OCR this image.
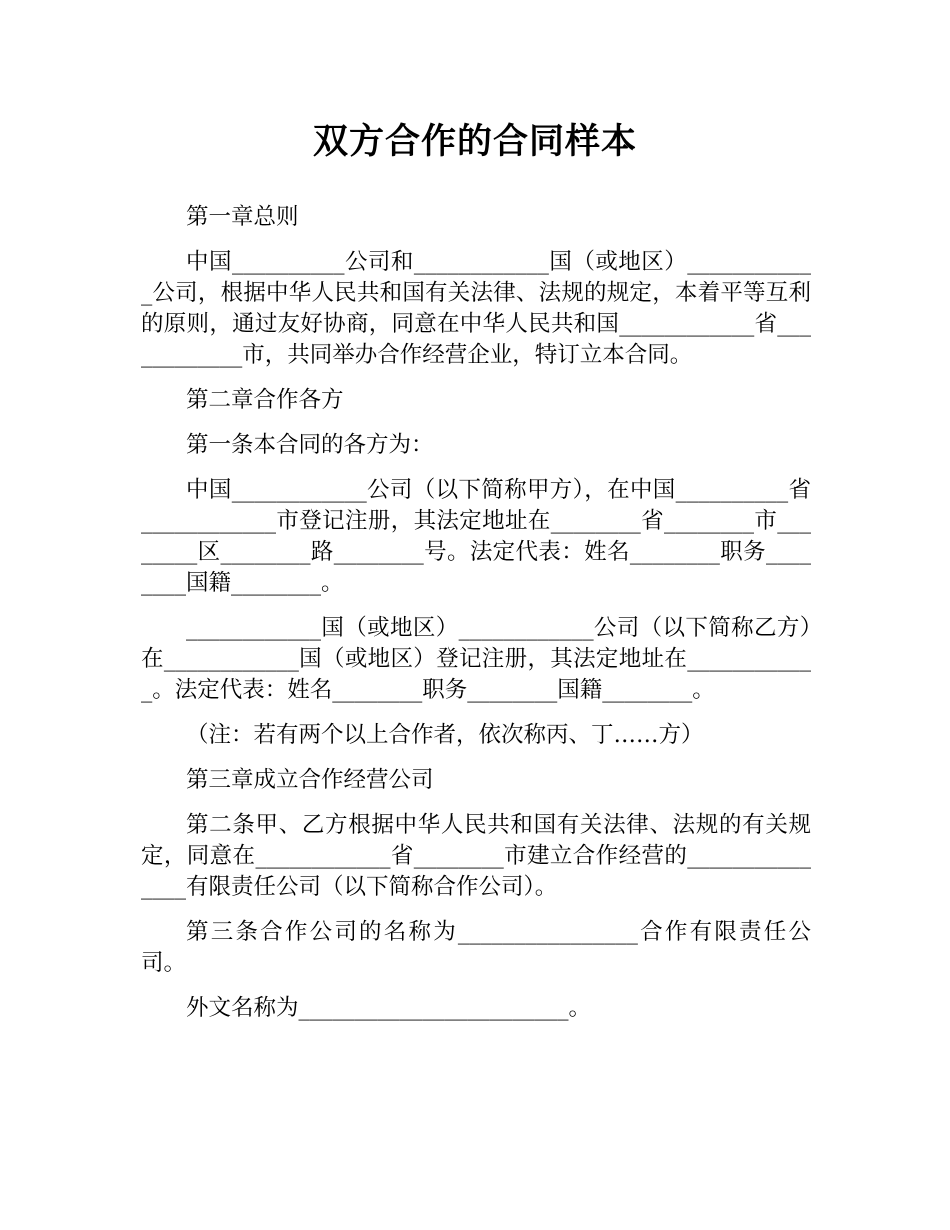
双方合作的合同样本

第一章总则

中国__________公司和____________国（或地区）____________公司，根据中华人民共和国有关法律、法规的规定，本着平等互利的原则，通过友好协商，同意在中华人民共和国____________省____________市，共同举办合作经营企业，特订立本合同。

第二章合作各方

第一条本合同的各方为：

中国____________公司（以下简称甲方），在中国__________省____________市登记注册，其法定地址在________省________市________区________路________号。法定代表：姓名________职务________国籍________。

____________国（或地区）____________公司（以下简称乙方）在____________国（或地区）登记注册，其法定地址在____________。法定代表：姓名________职务________国籍________。

（注：若有两个以上合作者，依次称丙、丁……方）

第三章成立合作经营公司

第二条甲、乙方根据中华人民共和国有关法律、法规的有关规定，同意在____________省________市建立合作经营的_______________有限责任公司（以下简称合作公司）。

第三条合作公司的名称为________________合作有限责任公司。

外文名称为________________________。
